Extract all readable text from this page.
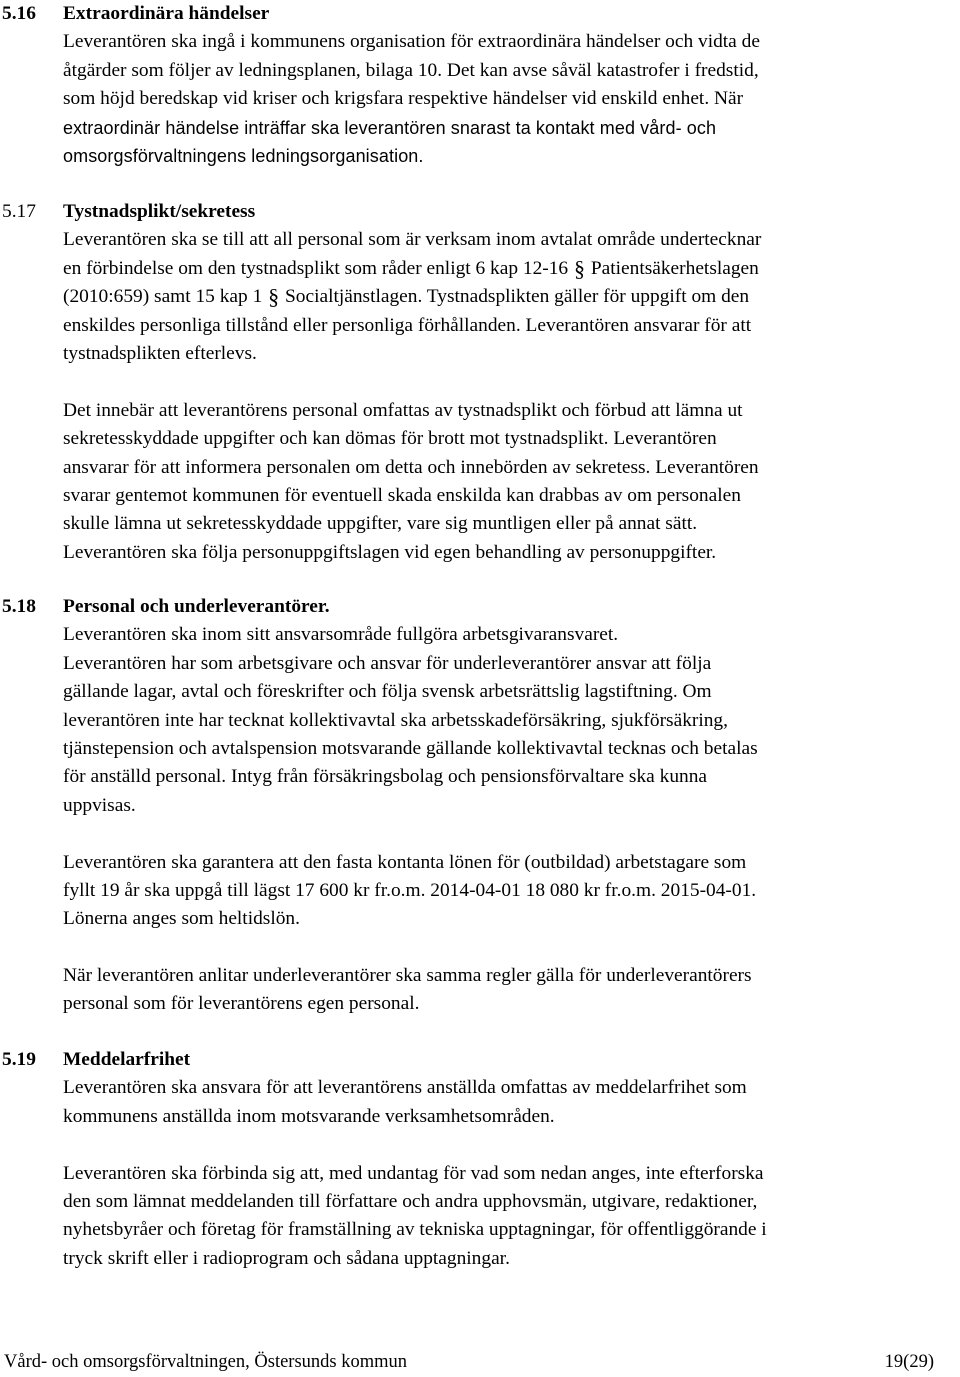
5.16	Extraordinära händelser
Leverantören ska ingå i kommunens organisation för extraordinära händelser och vidta de
åtgärder som följer av ledningsplanen, bilaga 10. Det kan avse såväl katastrofer i fredstid,
som höjd beredskap vid kriser och krigsfara respektive händelser vid enskild enhet. När
extraordinär händelse inträffar ska leverantören snarast ta kontakt med vård- och
omsorgsförvaltningens ledningsorganisation.
5.17	Tystnadsplikt/sekretess
Leverantören ska se till att all personal som är verksam inom avtalat område undertecknar
en förbindelse om den tystnadsplikt som råder enligt 6 kap 12-16 § Patientsäkerhetslagen
(2010:659) samt 15 kap 1 § Socialtjänstlagen. Tystnadsplikten gäller för uppgift om den
enskildes personliga tillstånd eller personliga förhållanden. Leverantören ansvarar för att
tystnadsplikten efterlevs.
Det innebär att leverantörens personal omfattas av tystnadsplikt och förbud att lämna ut
sekretesskyddade uppgifter och kan dömas för brott mot tystnadsplikt. Leverantören
ansvarar för att informera personalen om detta och innebörden av sekretess. Leverantören
svarar gentemot kommunen för eventuell skada enskilda kan drabbas av om personalen
skulle lämna ut sekretesskyddade uppgifter, vare sig muntligen eller på annat sätt.
Leverantören ska följa personuppgiftslagen vid egen behandling av personuppgifter.
5.18	Personal och underleverantörer.
Leverantören ska inom sitt ansvarsområde fullgöra arbetsgivaransvaret.
Leverantören har som arbetsgivare och ansvar för underleverantörer ansvar att följa
gällande lagar, avtal och föreskrifter och följa svensk arbetsrättslig lagstiftning. Om
leverantören inte har tecknat kollektivavtal ska arbetsskadeförsäkring, sjukförsäkring,
tjänstepension och avtalspension motsvarande gällande kollektivavtal tecknas och betalas
för anställd personal. Intyg från försäkringsbolag och pensionsförvaltare ska kunna
uppvisas.
Leverantören ska garantera att den fasta kontanta lönen för (outbildad) arbetstagare som
fyllt 19 år ska uppgå till lägst 17 600 kr fr.o.m. 2014-04-01 18 080 kr fr.o.m. 2015-04-01.
Lönerna anges som heltidslön.
När leverantören anlitar underleverantörer ska samma regler gälla för underleverantörers
personal som för leverantörens egen personal.
5.19	Meddelarfrihet
Leverantören ska ansvara för att leverantörens anställda omfattas av meddelarfrihet som
kommunens anställda inom motsvarande verksamhetsområden.
Leverantören ska förbinda sig att, med undantag för vad som nedan anges, inte efterforska
den som lämnat meddelanden till författare och andra upphovsmän, utgivare, redaktioner,
nyhetsbyråer och företag för framställning av tekniska upptagningar, för offentliggörande i
tryck skrift eller i radioprogram och sådana upptagningar.
Vård- och omsorgsförvaltningen, Östersunds kommun	19(29)
